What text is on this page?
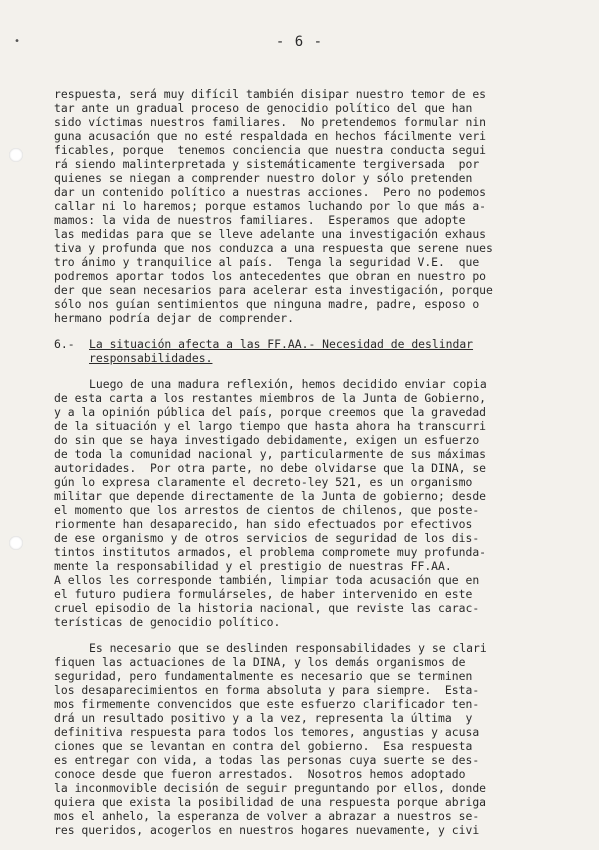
•	- 6 -
respuesta, será muy difícil también disipar nuestro temor de es
tar ante un gradual proceso de genocidio político del que han
sido víctimas nuestros familiares.  No pretendemos formular nin
guna acusación que no esté respaldada en hechos fácilmente veri
ficables, porque  tenemos conciencia que nuestra conducta segui
rá siendo malinterpretada y sistemáticamente tergiversada  por
quienes se niegan a comprender nuestro dolor y sólo pretenden
dar un contenido político a nuestras acciones.  Pero no podemos
callar ni lo haremos; porque estamos luchando por lo que más a-
mamos: la vida de nuestros familiares.  Esperamos que adopte
las medidas para que se lleve adelante una investigación exhaus
tiva y profunda que nos conduzca a una respuesta que serene nues
tro ánimo y tranquilice al país.  Tenga la seguridad V.E.  que
podremos aportar todos los antecedentes que obran en nuestro po
der que sean necesarios para acelerar esta investigación, porque
sólo nos guían sentimientos que ninguna madre, padre, esposo o
hermano podría dejar de comprender.
6.-	La situación afecta a las FF.AA.- Necesidad de deslindar
responsabilidades.
Luego de una madura reflexión, hemos decidido enviar copia
de esta carta a los restantes miembros de la Junta de Gobierno,
y a la opinión pública del país, porque creemos que la gravedad
de la situación y el largo tiempo que hasta ahora ha transcurri
do sin que se haya investigado debidamente, exigen un esfuerzo
de toda la comunidad nacional y, particularmente de sus máximas
autoridades.  Por otra parte, no debe olvidarse que la DINA, se
gún lo expresa claramente el decreto-ley 521, es un organismo
militar que depende directamente de la Junta de gobierno; desde
el momento que los arrestos de cientos de chilenos, que poste-
riormente han desaparecido, han sido efectuados por efectivos
de ese organismo y de otros servicios de seguridad de los dis-
tintos institutos armados, el problema compromete muy profunda-
mente la responsabilidad y el prestigio de nuestras FF.AA.
A ellos les corresponde también, limpiar toda acusación que en
el futuro pudiera formulárseles, de haber intervenido en este
cruel episodio de la historia nacional, que reviste las carac-
terísticas de genocidio político.
Es necesario que se deslinden responsabilidades y se clari
fiquen las actuaciones de la DINA, y los demás organismos de
seguridad, pero fundamentalmente es necesario que se terminen
los desaparecimientos en forma absoluta y para siempre.  Esta-
mos firmemente convencidos que este esfuerzo clarificador ten-
drá un resultado positivo y a la vez, representa la última  y
definitiva respuesta para todos los temores, angustias y acusa
ciones que se levantan en contra del gobierno.  Esa respuesta
es entregar con vida, a todas las personas cuya suerte se des-
conoce desde que fueron arrestados.  Nosotros hemos adoptado
la inconmovible decisión de seguir preguntando por ellos, donde
quiera que exista la posibilidad de una respuesta porque abriga
mos el anhelo, la esperanza de volver a abrazar a nuestros se-
res queridos, acogerlos en nuestros hogares nuevamente, y civi
